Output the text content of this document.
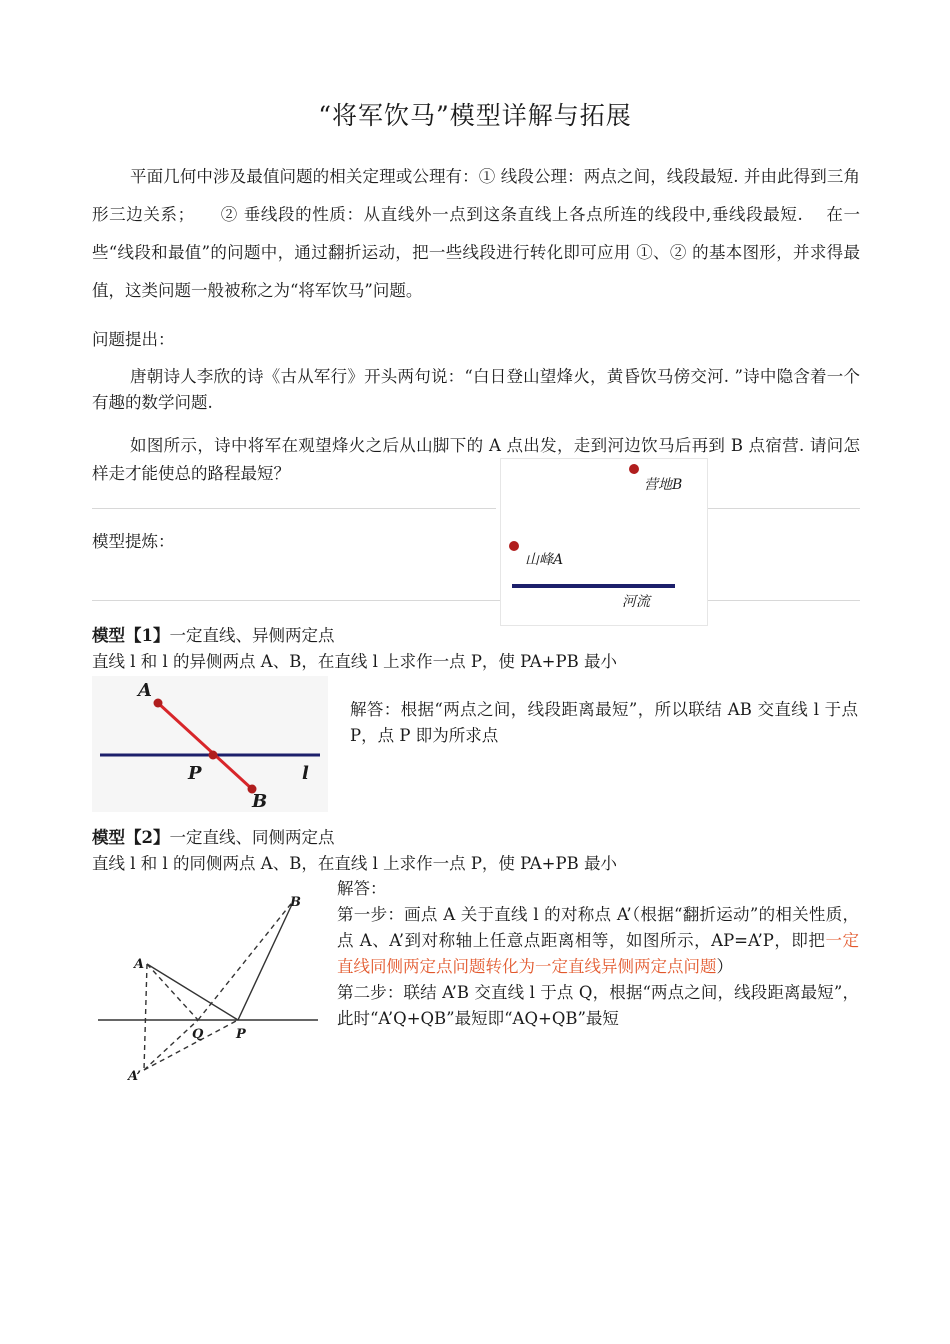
“将军饮马”模型详解与拓展
平面几何中涉及最值问题的相关定理或公理有：① 线段公理：两点之间，线段最短. 并由此得到三角形三边关系；　　② 垂线段的性质：从直线外一点到这条直线上各点所连的线段中,垂线段最短.　 在一些“线段和最值”的问题中，通过翻折运动，把一些线段进行转化即可应用 ①、② 的基本图形，并求得最值，这类问题一般被称之为“将军饮马”问题。
问题提出：
唐朝诗人李欣的诗《古从军行》开头两句说：“白日登山望烽火，黄昏饮马傍交河. ”诗中隐含着一个有趣的数学问题.
如图所示，诗中将军在观望烽火之后从山脚下的 A 点出发，走到河边饮马后再到 B 点宿营. 请问怎样走才能使总的路程最短？
营地B
山峰A
河流
模型提炼：
模型【1】一定直线、异侧两定点
直线 l 和 l 的异侧两点 A、B，在直线 l 上求作一点 P，使 PA+PB 最小
A
P	l
B
解答：根据“两点之间，线段距离最短”，所以联结 AB 交直线 l 于点 P，点 P 即为所求点
模型【2】一定直线、同侧两定点
直线 l 和 l 的同侧两点 A、B，在直线 l 上求作一点 P，使 PA+PB 最小
B
A
Q	P
A’
解答：
第一步：画点 A 关于直线 l 的对称点 A’（根据“翻折运动”的相关性质，点 A、A’到对称轴上任意点距离相等，如图所示，AP=A’P，即把一定直线同侧两定点问题转化为一定直线异侧两定点问题）
第二步：联结 A’B 交直线 l 于点 Q，根据“两点之间，线段距离最短”，此时“A’Q+QB”最短即“AQ+QB”最短
